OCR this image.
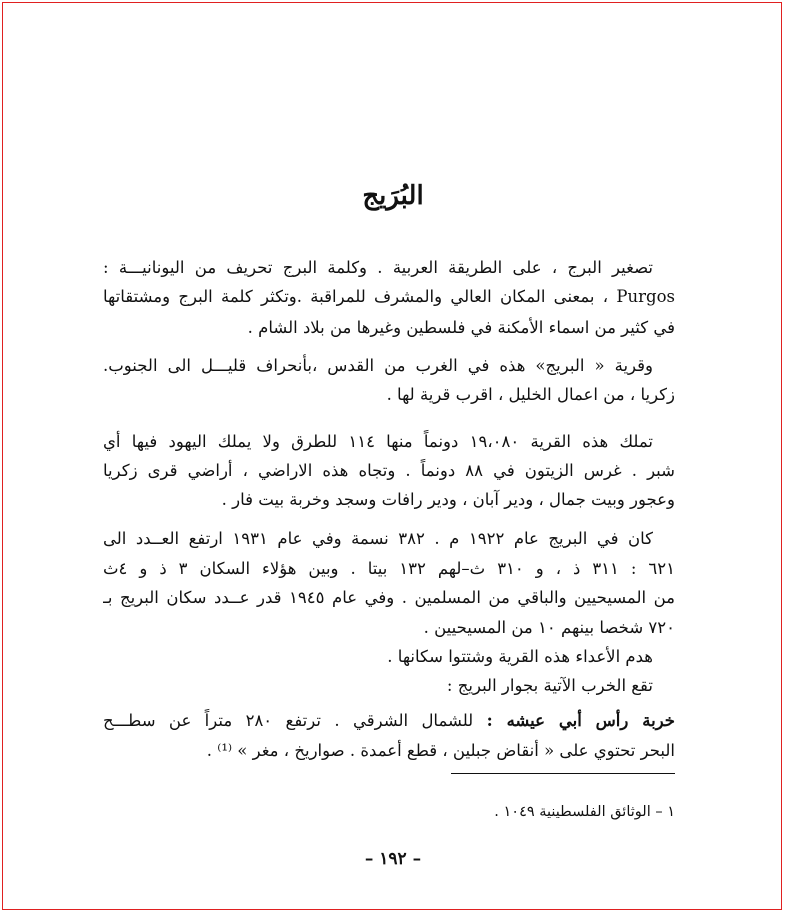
البُرَيج
تصغير البرج ، على الطريقة العربية . وكلمة البرج تحريف من اليونانيـــة :
Purgos ، بمعنى المكان العالي والمشرف للمراقبة .وتكثر كلمة البرج ومشتقاتها
في كثير من اسماء الأمكنة في فلسطين وغيرها من بلاد الشام .
وقرية « البريج» هذه في الغرب من القدس ،بأنحراف قليـــل الى الجنوب.
زكريا ، من اعمال الخليل ، اقرب قرية لها .
تملك هذه القرية ١٩،٠٨٠ دونماً منها ١١٤ للطرق ولا يملك اليهود فيها أي
شبر . غرس الزيتون في ٨٨ دونماً . وتجاه هذه الاراضي ، أراضي قرى زكريا
وعجور وبيت جمال ، ودير آبان ، ودير رافات وسجد وخربة بيت فار .
كان في البريج عام ١٩٢٢ م . ٣٨٢ نسمة وفي عام ١٩٣١ ارتفع العــدد الى
٦٢١ : ٣١١ ذ ، و ٣١٠ ث–لهم ١٣٢ بيتا . وبين هؤلاء السكان ٣ ذ و ٤ث
من المسيحيين والباقي من المسلمين . وفي عام ١٩٤٥ قدر عــدد سكان البريج بـ
٧٢٠ شخصا بينهم ١٠ من المسيحيين .
هدم الأعداء هذه القرية وشتتوا سكانها .
تقع الخرب الآتية بجوار البريج :
خربة رأس أبي عيشه : للشمال الشرقي . ترتفع ٢٨٠ متراً عن سطـــح
البحر تحتوي على « أنقاض جبلين ، قطع أعمدة . صواريخ ، مغر » ⁽¹⁾ .
١ – الوثائق الفلسطينية ١٠٤٩ .
– ١٩٢ –
